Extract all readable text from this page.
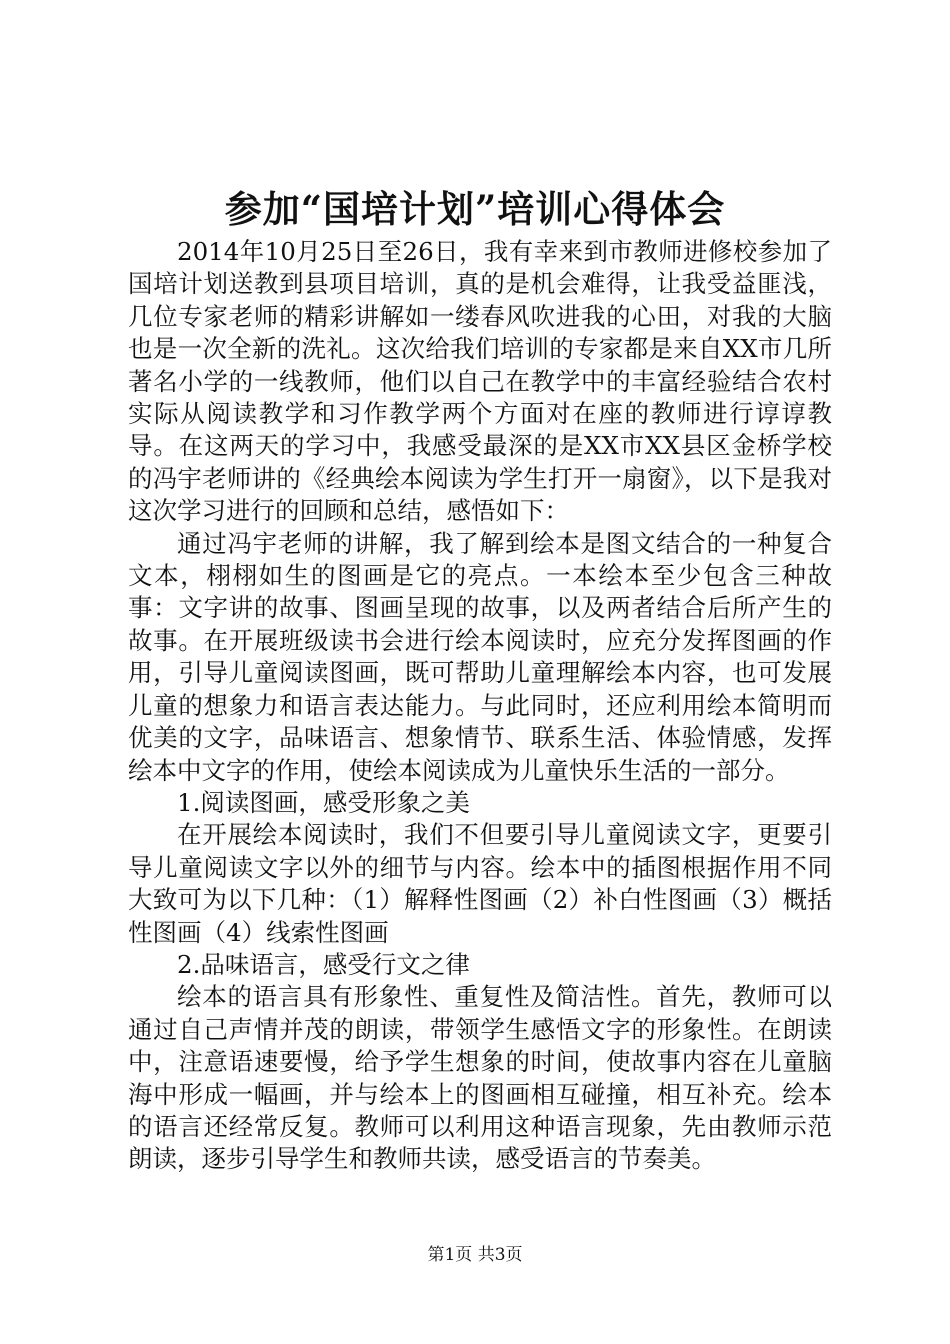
参加“国培计划”培训心得体会

2014年10月25日至26日，我有幸来到市教师进修校参加了国培计划送教到县项目培训，真的是机会难得，让我受益匪浅，几位专家老师的精彩讲解如一缕春风吹进我的心田，对我的大脑也是一次全新的洗礼。这次给我们培训的专家都是来自XX市几所著名小学的一线教师，他们以自己在教学中的丰富经验结合农村实际从阅读教学和习作教学两个方面对在座的教师进行谆谆教导。在这两天的学习中，我感受最深的是XX市XX县区金桥学校的冯宇老师讲的《经典绘本阅读为学生打开一扇窗》，以下是我对这次学习进行的回顾和总结，感悟如下：

通过冯宇老师的讲解，我了解到绘本是图文结合的一种复合文本，栩栩如生的图画是它的亮点。一本绘本至少包含三种故事：文字讲的故事、图画呈现的故事，以及两者结合后所产生的故事。在开展班级读书会进行绘本阅读时，应充分发挥图画的作用，引导儿童阅读图画，既可帮助儿童理解绘本内容，也可发展儿童的想象力和语言表达能力。与此同时，还应利用绘本简明而优美的文字，品味语言、想象情节、联系生活、体验情感，发挥绘本中文字的作用，使绘本阅读成为儿童快乐生活的一部分。

1.阅读图画，感受形象之美

在开展绘本阅读时，我们不但要引导儿童阅读文字，更要引导儿童阅读文字以外的细节与内容。绘本中的插图根据作用不同大致可为以下几种：（1）解释性图画（2）补白性图画（3）概括性图画（4）线索性图画

2.品味语言，感受行文之律

绘本的语言具有形象性、重复性及简洁性。首先，教师可以通过自己声情并茂的朗读，带领学生感悟文字的形象性。在朗读中，注意语速要慢，给予学生想象的时间，使故事内容在儿童脑海中形成一幅画，并与绘本上的图画相互碰撞，相互补充。绘本的语言还经常反复。教师可以利用这种语言现象，先由教师示范朗读，逐步引导学生和教师共读，感受语言的节奏美。

第1页 共3页
